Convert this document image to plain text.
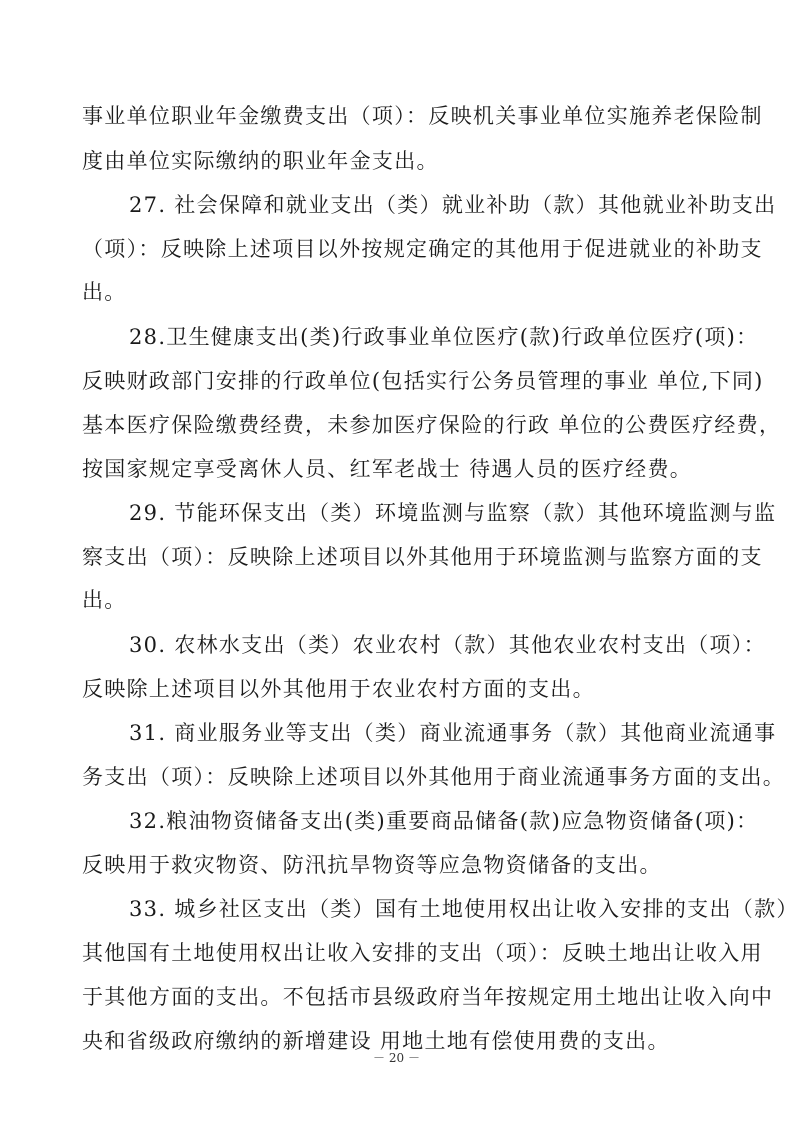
事业单位职业年金缴费支出（项）：反映机关事业单位实施养老保险制
度由单位实际缴纳的职业年金支出。
27. 社会保障和就业支出（类）就业补助（款）其他就业补助支出
（项）：反映除上述项目以外按规定确定的其他用于促进就业的补助支
出。
28.卫生健康支出(类)行政事业单位医疗(款)行政单位医疗(项)：
反映财政部门安排的行政单位(包括实行公务员管理的事业 单位,下同)
基本医疗保险缴费经费，未参加医疗保险的行政 单位的公费医疗经费，
按国家规定享受离休人员、红军老战士 待遇人员的医疗经费。
29. 节能环保支出（类）环境监测与监察（款）其他环境监测与监
察支出（项）：反映除上述项目以外其他用于环境监测与监察方面的支
出。
30. 农林水支出（类）农业农村（款）其他农业农村支出（项）：
反映除上述项目以外其他用于农业农村方面的支出。
31. 商业服务业等支出（类）商业流通事务（款）其他商业流通事
务支出（项）：反映除上述项目以外其他用于商业流通事务方面的支出。
32.粮油物资储备支出(类)重要商品储备(款)应急物资储备(项)：
反映用于救灾物资、防汛抗旱物资等应急物资储备的支出。
33. 城乡社区支出（类）国有土地使用权出让收入安排的支出（款）
其他国有土地使用权出让收入安排的支出（项）：反映土地出让收入用
于其他方面的支出。不包括市县级政府当年按规定用土地出让收入向中
央和省级政府缴纳的新增建设 用地土地有偿使用费的支出。
－ 20 －
